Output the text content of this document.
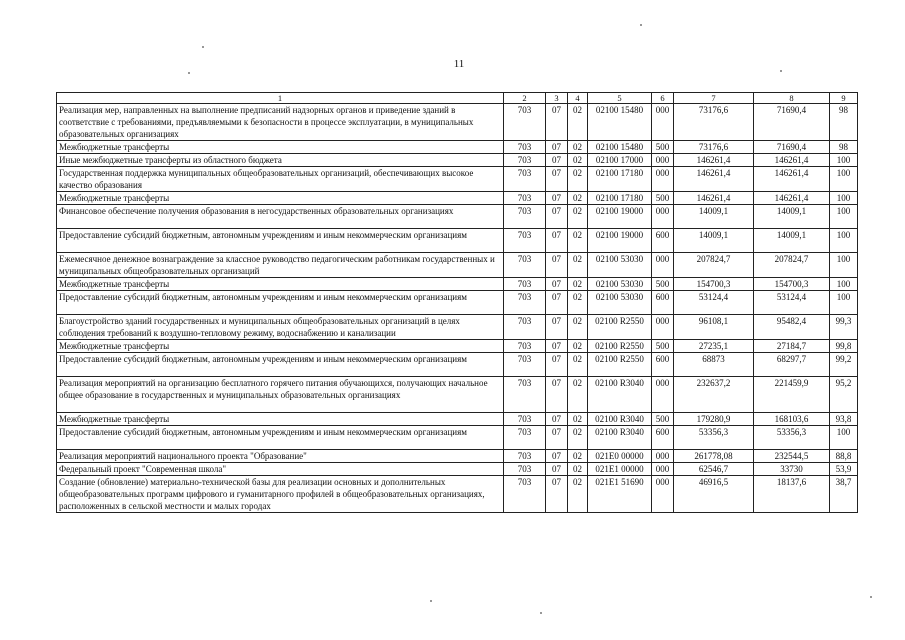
11
1	2	3	4	5	6	7	8	9
Реализация мер, направленных на выполнение предписаний надзорных органов и приведение зданий в соответствие с требованиями, предъявляемыми к безопасности в процессе эксплуатации, в муниципальных образовательных организациях	703	07	02	02100 15480	000	73176,6	71690,4	98
Межбюджетные трансферты	703	07	02	02100 15480	500	73176,6	71690,4	98
Иные межбюджетные трансферты из областного бюджета	703	07	02	02100 17000	000	146261,4	146261,4	100
Государственная поддержка муниципальных общеобразовательных организаций, обеспечивающих высокое качество образования	703	07	02	02100 17180	000	146261,4	146261,4	100
Межбюджетные трансферты	703	07	02	02100 17180	500	146261,4	146261,4	100
Финансовое обеспечение получения образования в негосударственных образовательных организациях	703	07	02	02100 19000	000	14009,1	14009,1	100
Предоставление субсидий бюджетным, автономным учреждениям и иным некоммерческим организациям	703	07	02	02100 19000	600	14009,1	14009,1	100
Ежемесячное денежное вознаграждение за классное руководство педагогическим работникам государственных и муниципальных общеобразовательных организаций	703	07	02	02100 53030	000	207824,7	207824,7	100
Межбюджетные трансферты	703	07	02	02100 53030	500	154700,3	154700,3	100
Предоставление субсидий бюджетным, автономным учреждениям и иным некоммерческим организациям	703	07	02	02100 53030	600	53124,4	53124,4	100
Благоустройство зданий государственных и муниципальных общеобразовательных организаций в целях соблюдения требований к воздушно-тепловому режиму, водоснабжению и канализации	703	07	02	02100 R2550	000	96108,1	95482,4	99,3
Межбюджетные трансферты	703	07	02	02100 R2550	500	27235,1	27184,7	99,8
Предоставление субсидий бюджетным, автономным учреждениям и иным некоммерческим организациям	703	07	02	02100 R2550	600	68873	68297,7	99,2
Реализация мероприятий на организацию бесплатного горячего питания обучающихся, получающих начальное общее образование в государственных и муниципальных образовательных организациях	703	07	02	02100 R3040	000	232637,2	221459,9	95,2
Межбюджетные трансферты	703	07	02	02100 R3040	500	179280,9	168103,6	93,8
Предоставление субсидий бюджетным, автономным учреждениям и иным некоммерческим организациям	703	07	02	02100 R3040	600	53356,3	53356,3	100
Реализация мероприятий национального проекта "Образование"	703	07	02	021E0 00000	000	261778,08	232544,5	88,8
Федеральный проект "Современная школа"	703	07	02	021E1 00000	000	62546,7	33730	53,9
Создание (обновление) материально-технической базы для реализации основных и дополнительных общеобразовательных программ цифрового и гуманитарного профилей в общеобразовательных организациях, расположенных в сельской местности и малых городах	703	07	02	021E1 51690	000	46916,5	18137,6	38,7
